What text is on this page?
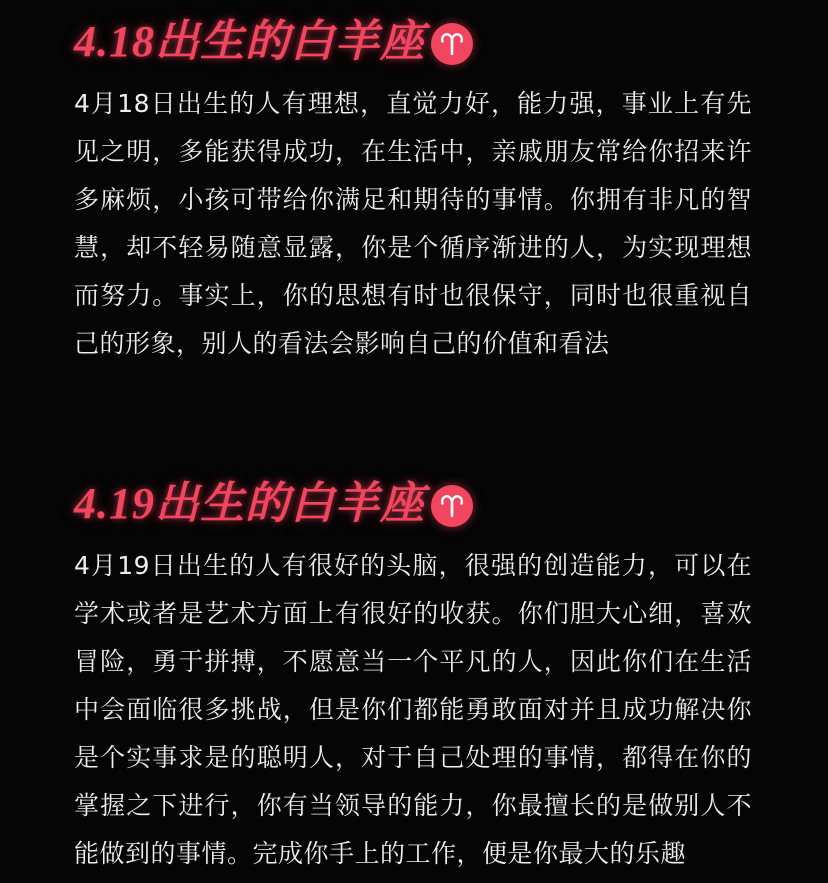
4.18出生的白羊座

4月18日出生的人有理想，直觉力好，能力强，事业上有先见之明，多能获得成功，在生活中，亲戚朋友常给你招来许多麻烦，小孩可带给你满足和期待的事情。你拥有非凡的智慧，却不轻易随意显露，你是个循序渐进的人，为实现理想而努力。事实上，你的思想有时也很保守，同时也很重视自己的形象，别人的看法会影响自己的价值和看法

4.19出生的白羊座

4月19日出生的人有很好的头脑，很强的创造能力，可以在学术或者是艺术方面上有很好的收获。你们胆大心细，喜欢冒险，勇于拼搏，不愿意当一个平凡的人，因此你们在生活中会面临很多挑战，但是你们都能勇敢面对并且成功解决你是个实事求是的聪明人，对于自己处理的事情，都得在你的掌握之下进行，你有当领导的能力，你最擅长的是做别人不能做到的事情。完成你手上的工作，便是你最大的乐趣
